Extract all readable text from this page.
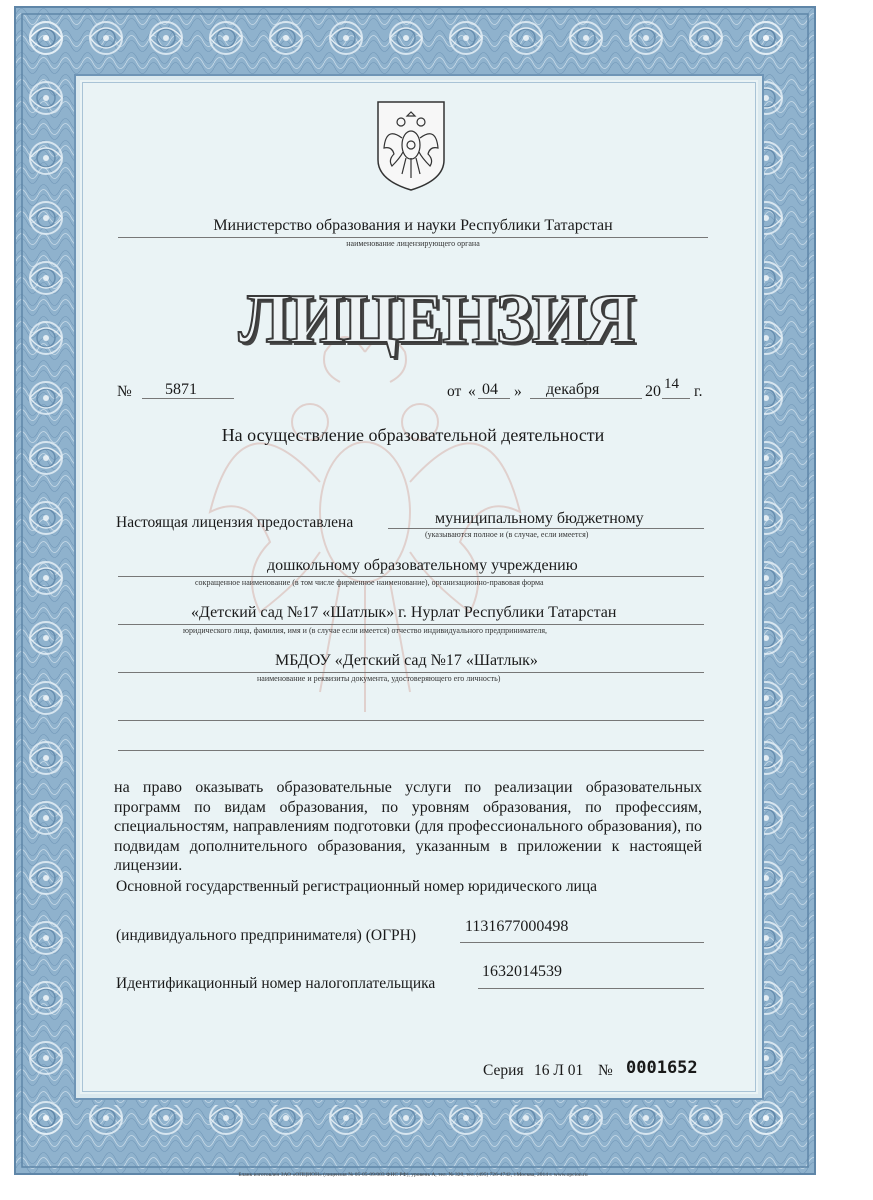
Министерство образования и науки Республики Татарстан
наименование лицензирующего органа
ЛИЦЕНЗИЯ
№ 5871	от « 04 » декабря	20 14 г.
На осуществление образовательной деятельности
Настоящая лицензия предоставлена	муниципальному бюджетному
(указываются полное и (в случае, если имеется)
дошкольному образовательному учреждению
сокращенное наименование (в том числе фирменное наименование), организационно-правовая форма
«Детский сад №17 «Шатлык» г. Нурлат Республики Татарстан
юридического лица, фамилия, имя и (в случае если имеется) отчество индивидуального предпринимателя,
МБДОУ «Детский сад №17 «Шатлык»
наименование и реквизиты документа, удостоверяющего его личность)
на право оказывать образовательные услуги по реализации образовательных программ по видам образования, по уровням образования, по профессиям, специальностям, направлениям подготовки (для профессионального образования), по подвидам дополнительного образования, указанным в приложении к настоящей лицензии.
Основной государственный регистрационный номер юридического лица
(индивидуального предпринимателя) (ОГРН)
1131677000498
Идентификационный номер налогоплательщика
1632014539
Серия 16 Л 01 № 0001652
Бланк изготовлен ЗАО «ОПЦИОН» (лицензия № 05-05-09/003 ФНС РФ), уровень А, тел. № 320, тел. (495) 726-4742, г.Москва, 2014 г. www.opcion.ru
